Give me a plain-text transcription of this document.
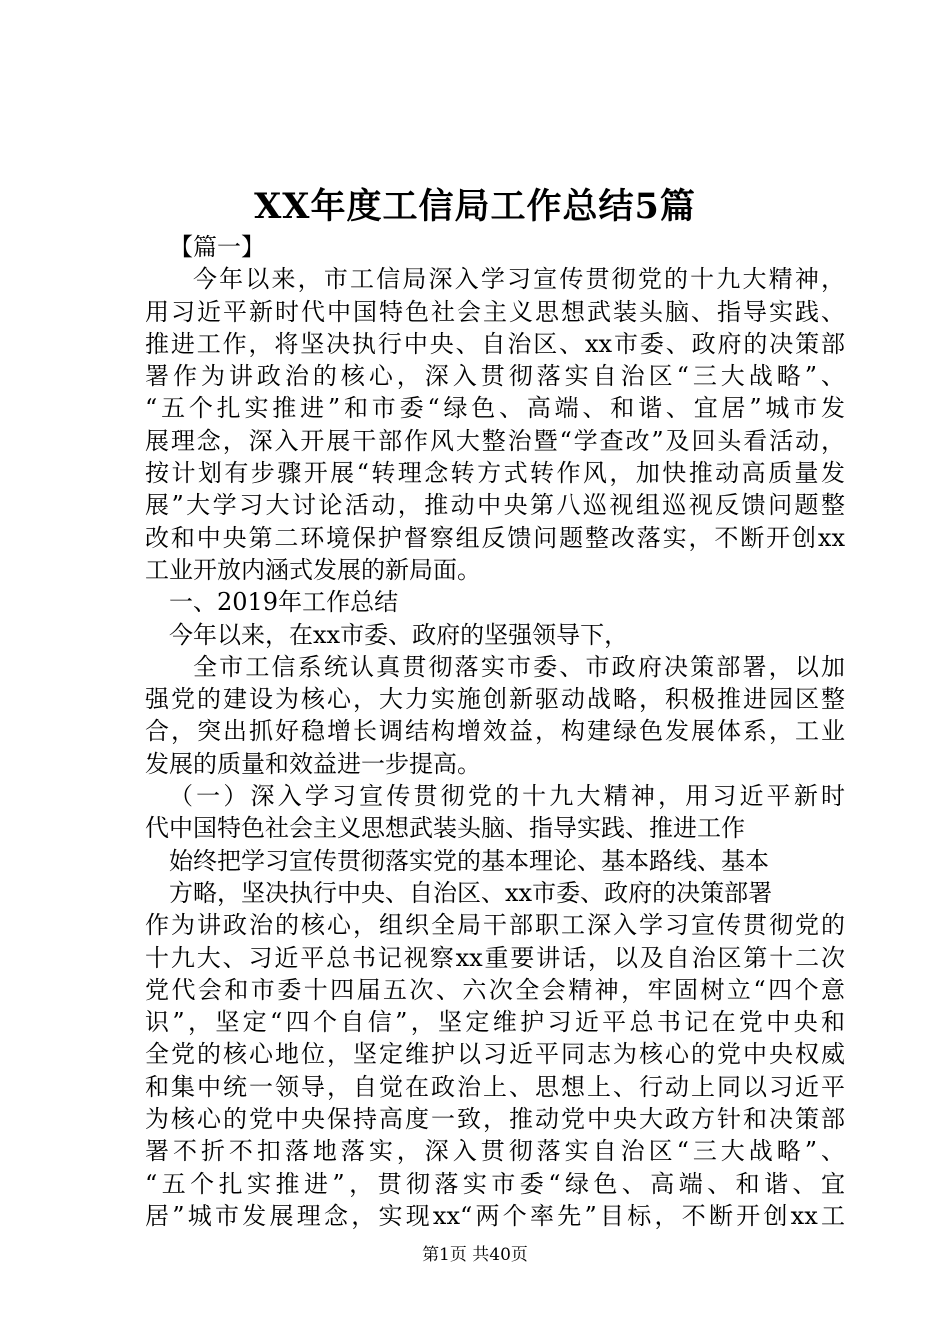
XX年度工信局工作总结5篇
【篇一】
今年以来，市工信局深入学习宣传贯彻党的十九大精神，
用习近平新时代中国特色社会主义思想武装头脑、指导实践、
推进工作，将坚决执行中央、自治区、xx市委、政府的决策部
署作为讲政治的核心，深入贯彻落实自治区“三大战略”、
“五个扎实推进”和市委“绿色、高端、和谐、宜居”城市发
展理念，深入开展干部作风大整治暨“学查改”及回头看活动，
按计划有步骤开展“转理念转方式转作风，加快推动高质量发
展”大学习大讨论活动，推动中央第八巡视组巡视反馈问题整
改和中央第二环境保护督察组反馈问题整改落实，不断开创xx
工业开放内涵式发展的新局面。
一、2019年工作总结
今年以来，在xx市委、政府的坚强领导下，
全市工信系统认真贯彻落实市委、市政府决策部署，以加
强党的建设为核心，大力实施创新驱动战略，积极推进园区整
合，突出抓好稳增长调结构增效益，构建绿色发展体系，工业
发展的质量和效益进一步提高。
（一）深入学习宣传贯彻党的十九大精神，用习近平新时
代中国特色社会主义思想武装头脑、指导实践、推进工作
始终把学习宣传贯彻落实党的基本理论、基本路线、基本
方略，坚决执行中央、自治区、xx市委、政府的决策部署
作为讲政治的核心，组织全局干部职工深入学习宣传贯彻党的
十九大、习近平总书记视察xx重要讲话，以及自治区第十二次
党代会和市委十四届五次、六次全会精神，牢固树立“四个意
识”，坚定“四个自信”，坚定维护习近平总书记在党中央和
全党的核心地位，坚定维护以习近平同志为核心的党中央权威
和集中统一领导，自觉在政治上、思想上、行动上同以习近平
为核心的党中央保持高度一致，推动党中央大政方针和决策部
署不折不扣落地落实，深入贯彻落实自治区“三大战略”、
“五个扎实推进”，贯彻落实市委“绿色、高端、和谐、宜
居”城市发展理念，实现xx“两个率先”目标，不断开创xx工
第1页 共40页
